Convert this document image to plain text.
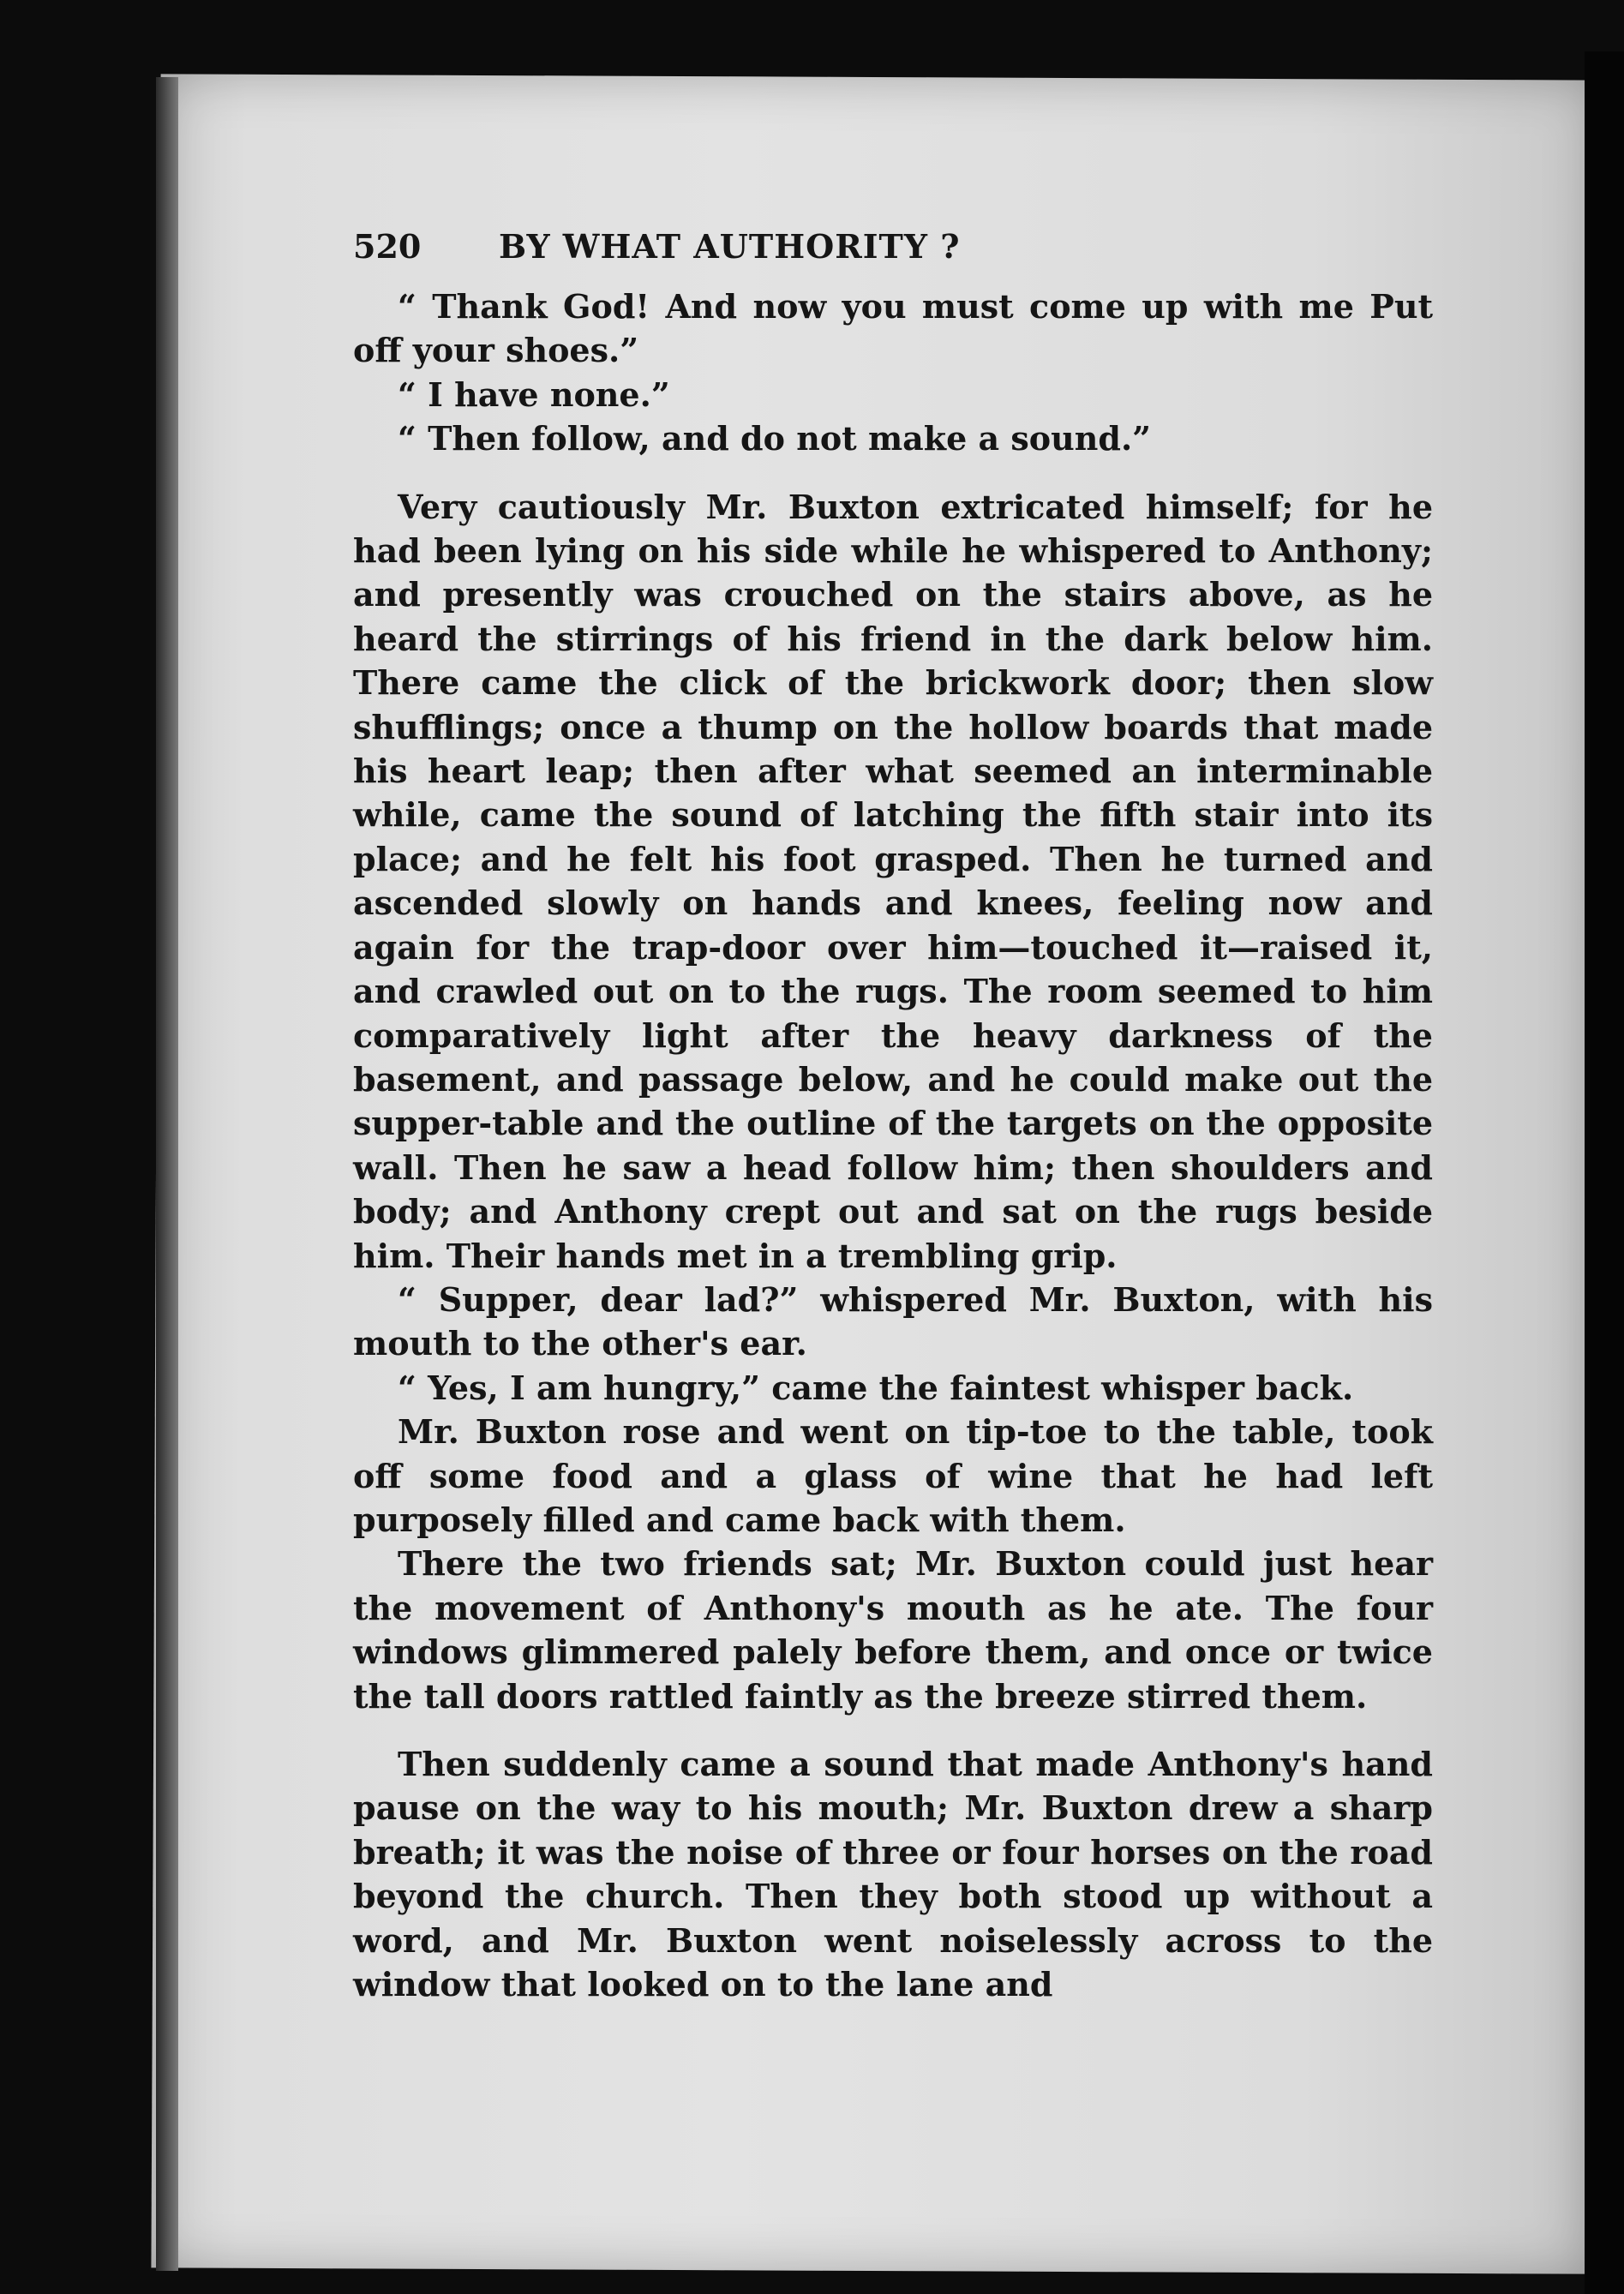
520	BY WHAT AUTHORITY ?

“ Thank God! And now you must come up with me Put off your shoes.”

“ I have none.”

“ Then follow, and do not make a sound.”

Very cautiously Mr. Buxton extricated himself; for he had been lying on his side while he whispered to Anthony; and presently was crouched on the stairs above, as he heard the stirrings of his friend in the dark below him. There came the click of the brickwork door; then slow shufflings; once a thump on the hollow boards that made his heart leap; then after what seemed an interminable while, came the sound of latching the fifth stair into its place; and he felt his foot grasped. Then he turned and ascended slowly on hands and knees, feeling now and again for the trap-door over him—touched it—raised it, and crawled out on to the rugs. The room seemed to him comparatively light after the heavy darkness of the basement, and passage below, and he could make out the supper-table and the outline of the targets on the opposite wall. Then he saw a head follow him; then shoulders and body; and Anthony crept out and sat on the rugs beside him. Their hands met in a trembling grip.

“ Supper, dear lad?” whispered Mr. Buxton, with his mouth to the other's ear.

“ Yes, I am hungry,” came the faintest whisper back.

Mr. Buxton rose and went on tip-toe to the table, took off some food and a glass of wine that he had left purposely filled and came back with them.

There the two friends sat; Mr. Buxton could just hear the movement of Anthony's mouth as he ate. The four windows glimmered palely before them, and once or twice the tall doors rattled faintly as the breeze stirred them.

Then suddenly came a sound that made Anthony's hand pause on the way to his mouth; Mr. Buxton drew a sharp breath; it was the noise of three or four horses on the road beyond the church. Then they both stood up without a word, and Mr. Buxton went noiselessly across to the window that looked on to the lane and
